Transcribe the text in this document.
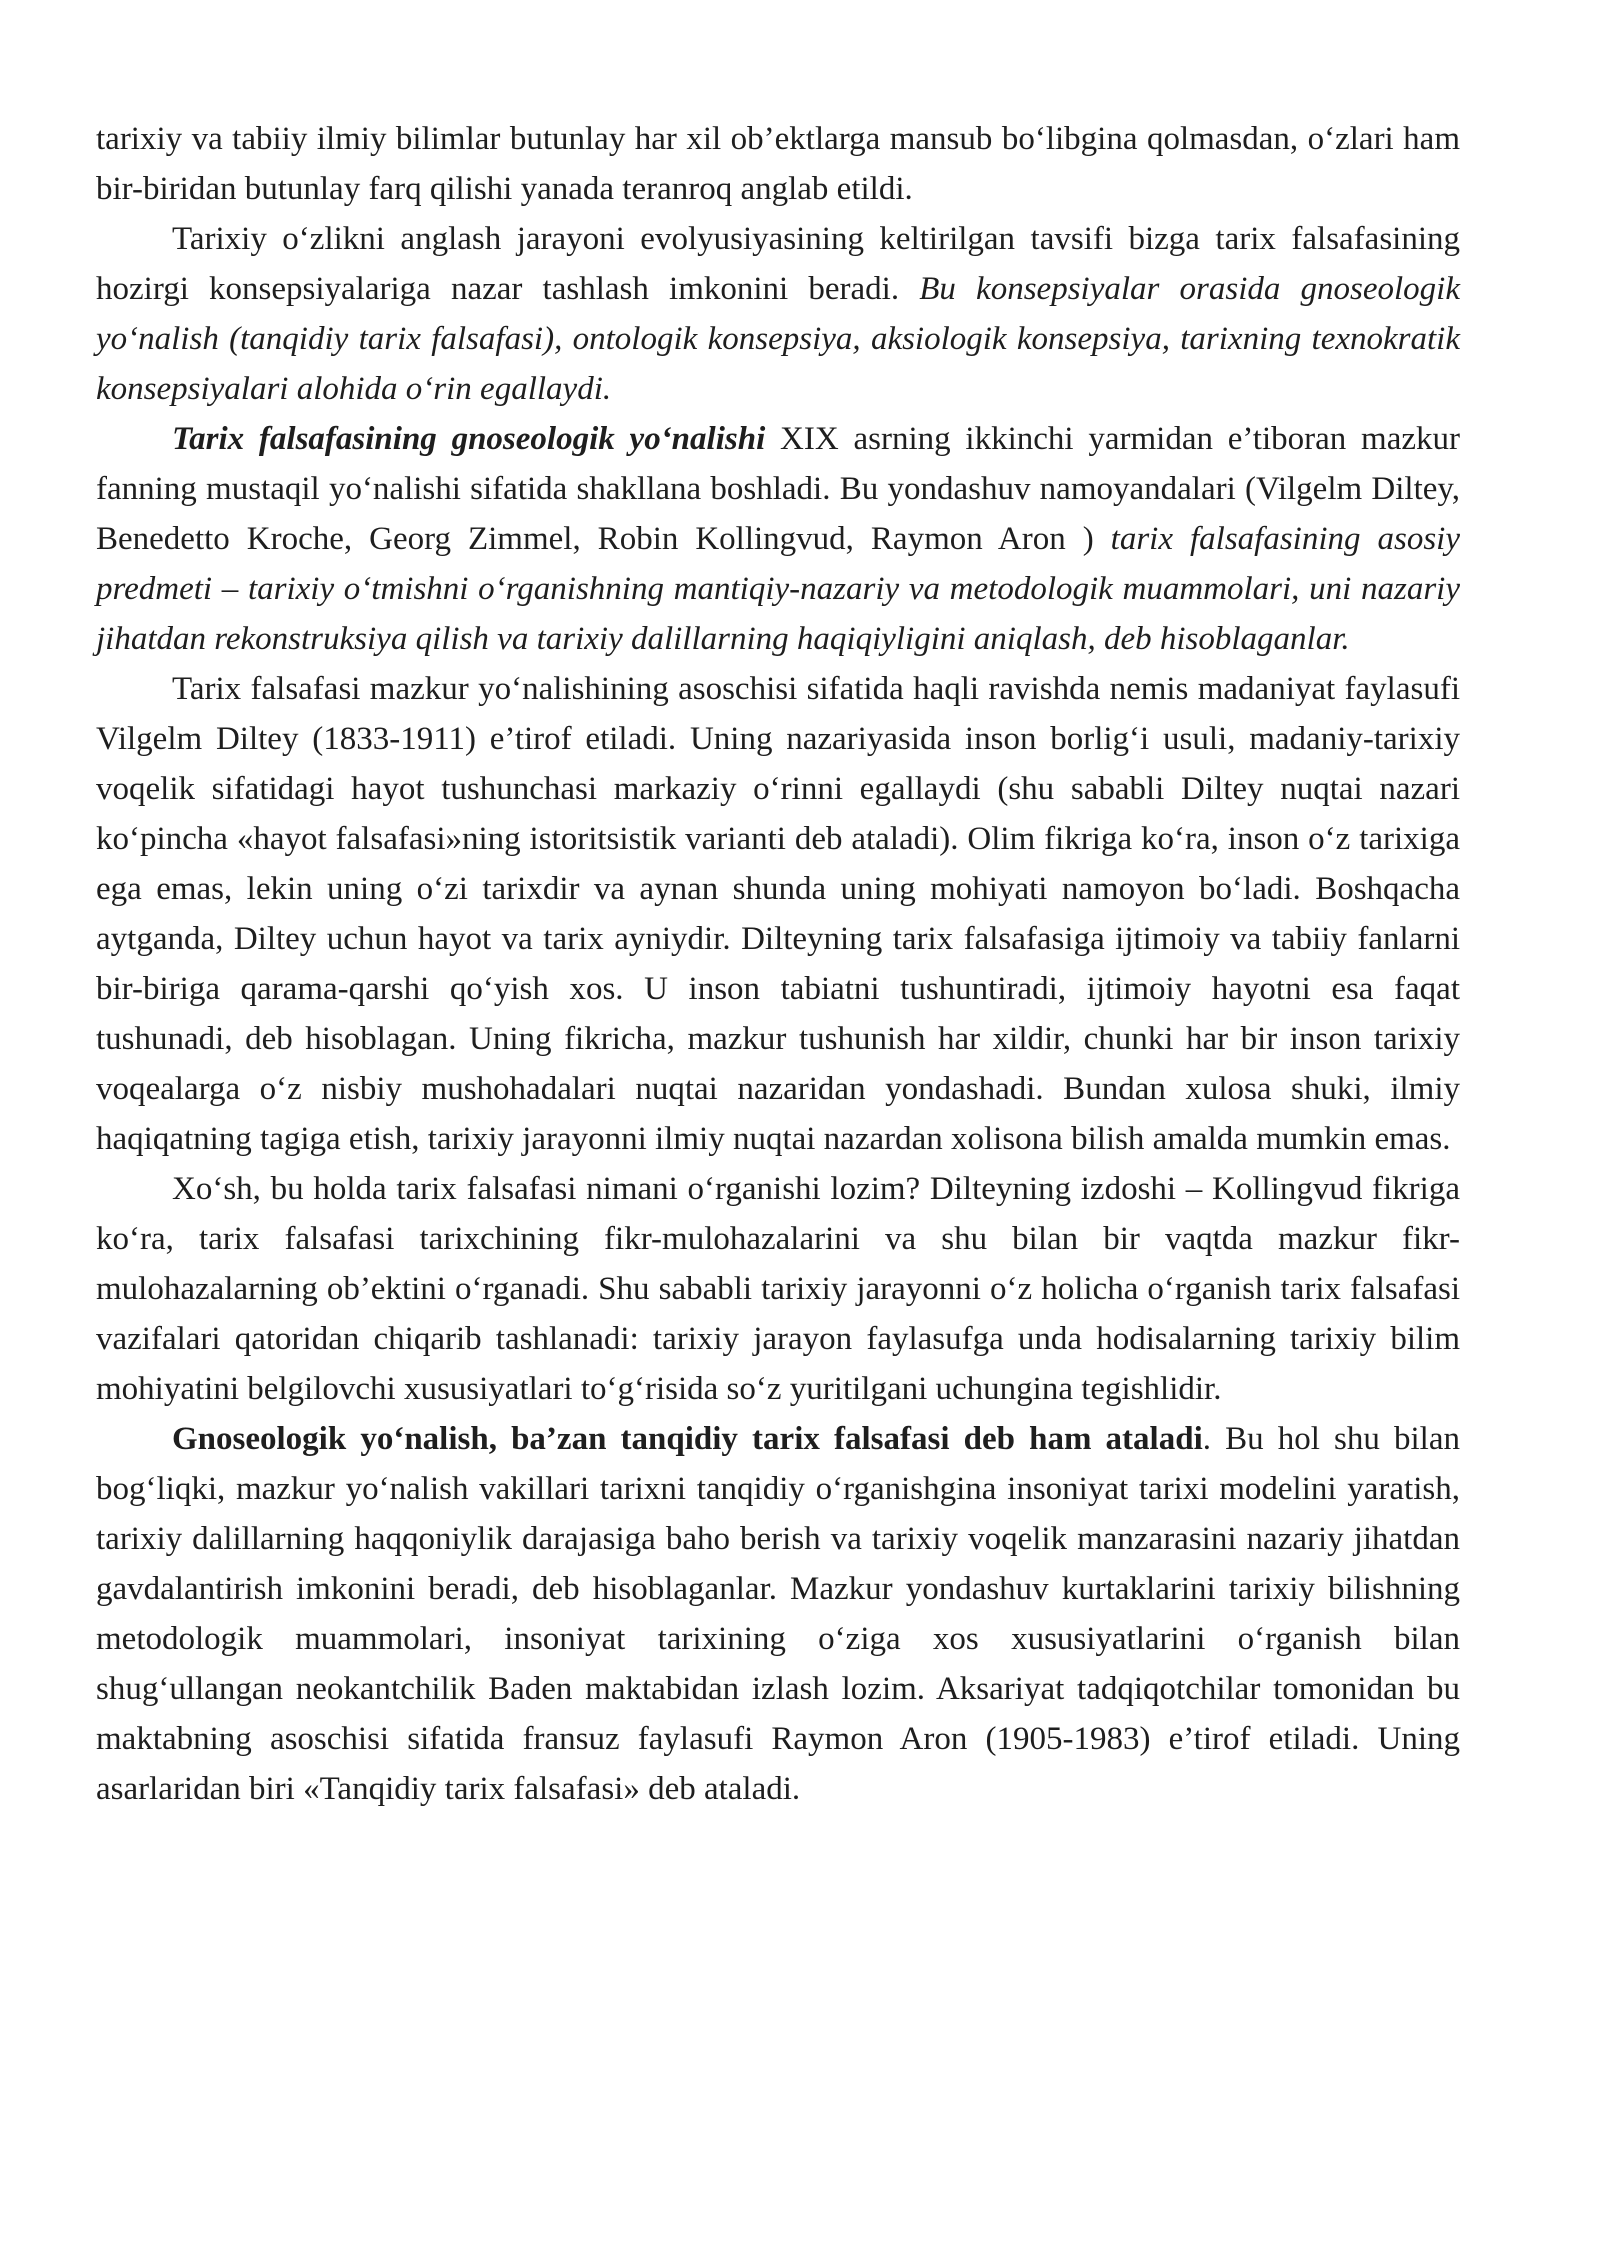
tarixiy va tabiiy ilmiy bilimlar butunlay har xil ob’ektlarga mansub bo‘libgina qolmasdan, o‘zlari ham bir-biridan butunlay farq qilishi yanada teranroq anglab etildi.

Tarixiy o‘zlikni anglash jarayoni evolyusiyasining keltirilgan tavsifi bizga tarix falsafasining hozirgi konsepsiyalariga nazar tashlash imkonini beradi. Bu konsepsiyalar orasida gnoseologik yo‘nalish (tanqidiy tarix falsafasi), ontologik konsepsiya, aksiologik konsepsiya, tarixning texnokratik konsepsiyalari alohida o‘rin egallaydi.

Tarix falsafasining gnoseologik yo‘nalishi XIX asrning ikkinchi yarmidan e’tiboran mazkur fanning mustaqil yo‘nalishi sifatida shakllana boshladi. Bu yondashuv namoyandalari (Vilgelm Diltey, Benedetto Kroche, Georg Zimmel, Robin Kollingvud, Raymon Aron ) tarix falsafasining asosiy predmeti – tarixiy o‘tmishni o‘rganishning mantiqiy-nazariy va metodologik muammolari, uni nazariy jihatdan rekonstruksiya qilish va tarixiy dalillarning haqiqiyligini aniqlash, deb hisoblaganlar.

Tarix falsafasi mazkur yo‘nalishining asoschisi sifatida haqli ravishda nemis madaniyat faylasufi Vilgelm Diltey (1833-1911) e’tirof etiladi. Uning nazariyasida inson borlig‘i usuli, madaniy-tarixiy voqelik sifatidagi hayot tushunchasi markaziy o‘rinni egallaydi (shu sababli Diltey nuqtai nazari ko‘pincha «hayot falsafasi»ning istoritsistik varianti deb ataladi). Olim fikriga ko‘ra, inson o‘z tarixiga ega emas, lekin uning o‘zi tarixdir va aynan shunda uning mohiyati namoyon bo‘ladi. Boshqacha aytganda, Diltey uchun hayot va tarix ayniydir. Dilteyning tarix falsafasiga ijtimoiy va tabiiy fanlarni bir-biriga qarama-qarshi qo‘yish xos. U inson tabiatni tushuntiradi, ijtimoiy hayotni esa faqat tushunadi, deb hisoblagan. Uning fikricha, mazkur tushunish har xildir, chunki har bir inson tarixiy voqealarga o‘z nisbiy mushohadalari nuqtai nazaridan yondashadi. Bundan xulosa shuki, ilmiy haqiqatning tagiga etish, tarixiy jarayonni ilmiy nuqtai nazardan xolisona bilish amalda mumkin emas.

Xo‘sh, bu holda tarix falsafasi nimani o‘rganishi lozim? Dilteyning izdoshi – Kollingvud fikriga ko‘ra, tarix falsafasi tarixchining fikr-mulohazalarini va shu bilan bir vaqtda mazkur fikr-mulohazalarning ob’ektini o‘rganadi. Shu sababli tarixiy jarayonni o‘z holicha o‘rganish tarix falsafasi vazifalari qatoridan chiqarib tashlanadi: tarixiy jarayon faylasufga unda hodisalarning tarixiy bilim mohiyatini belgilovchi xususiyatlari to‘g‘risida so‘z yuritilgani uchungina tegishlidir.

Gnoseologik yo‘nalish, ba’zan tanqidiy tarix falsafasi deb ham ataladi. Bu hol shu bilan bog‘liqki, mazkur yo‘nalish vakillari tarixni tanqidiy o‘rganishgina insoniyat tarixi modelini yaratish, tarixiy dalillarning haqqoniylik darajasiga baho berish va tarixiy voqelik manzarasini nazariy jihatdan gavdalantirish imkonini beradi, deb hisoblaganlar. Mazkur yondashuv kurtaklarini tarixiy bilishning metodologik muammolari, insoniyat tarixining o‘ziga xos xususiyatlarini o‘rganish bilan shug‘ullangan neokantchilik Baden maktabidan izlash lozim. Aksariyat tadqiqotchilar tomonidan bu maktabning asoschisi sifatida fransuz faylasufi Raymon Aron (1905-1983) e’tirof etiladi. Uning asarlaridan biri «Tanqidiy tarix falsafasi» deb ataladi.
